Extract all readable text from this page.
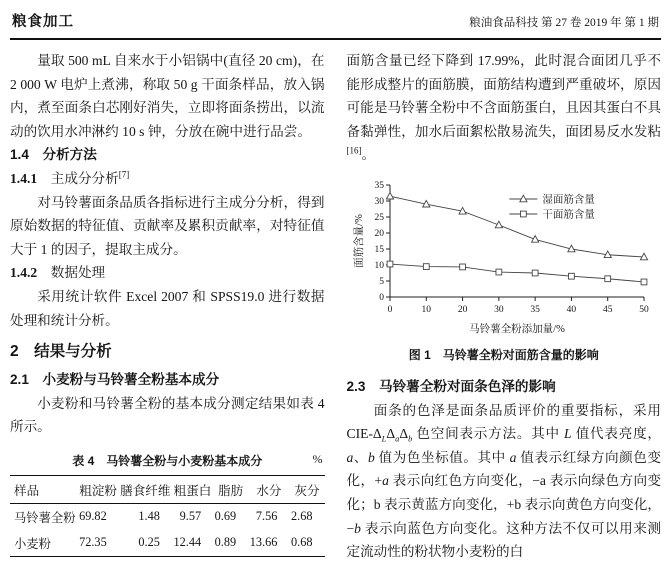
粮食加工	粮油食品科技 第 27 卷 2019 年 第 1 期

量取 500 mL 自来水于小铝锅中(直径 20 cm)，在 2 000 W 电炉上煮沸，称取 50 g 干面条样品，放入锅内，煮至面条白芯刚好消失，立即将面条捞出，以流动的饮用水冲淋约 10 s 钟，分放在碗中进行品尝。

1.4　分析方法
1.4.1　主成分分析[7]

对马铃薯面条品质各指标进行主成分分析，得到原始数据的特征值、贡献率及累积贡献率，对特征值大于 1 的因子，提取主成分。

1.4.2　数据处理

采用统计软件 Excel 2007 和 SPSS19.0 进行数据处理和统计分析。

2　结果与分析
2.1　小麦粉与马铃薯全粉基本成分

小麦粉和马铃薯全粉的基本成分测定结果如表 4 所示。

表 4　马铃薯全粉与小麦粉基本成分	%
样品	粗淀粉	膳食纤维	粗蛋白	脂肪	水分	灰分
马铃薯全粉	69.82	1.48	9.57	0.69	7.56	2.68
小麦粉	72.35	0.25	12.44	0.89	13.66	0.68

面筋含量已经下降到 17.99%，此时混合面团几乎不能形成整片的面筋膜，面筋结构遭到严重破坏，原因可能是马铃薯全粉中不含面筋蛋白，且因其蛋白不具备黏弹性，加水后面絮松散易流失，面团易反水发粘[16]。

0
5
10
15
20
25
30
35
0	10	20	30	35	40	45	50
湿面筋含量
干面筋含量
马铃薯全粉添加量/%
面筋含量/%
图 1　马铃薯全粉对面筋含量的影响
2.3　马铃薯全粉对面条色泽的影响

面条的色泽是面条品质评价的重要指标，采用 CIE-$\Delta_L\Delta_a\Delta_b$ 色空间表示方法。其中 L 值代表亮度，a、b 值为色坐标值。其中 a 值表示红绿方向颜色变化，+a 表示向红色方向变化，−a 表示向绿色方向变化；b 表示黄蓝方向变化，+b 表示向黄色方向变化，−b 表示向蓝色方向变化。这种方法不仅可以用来测定流动性的粉状物小麦粉的白
